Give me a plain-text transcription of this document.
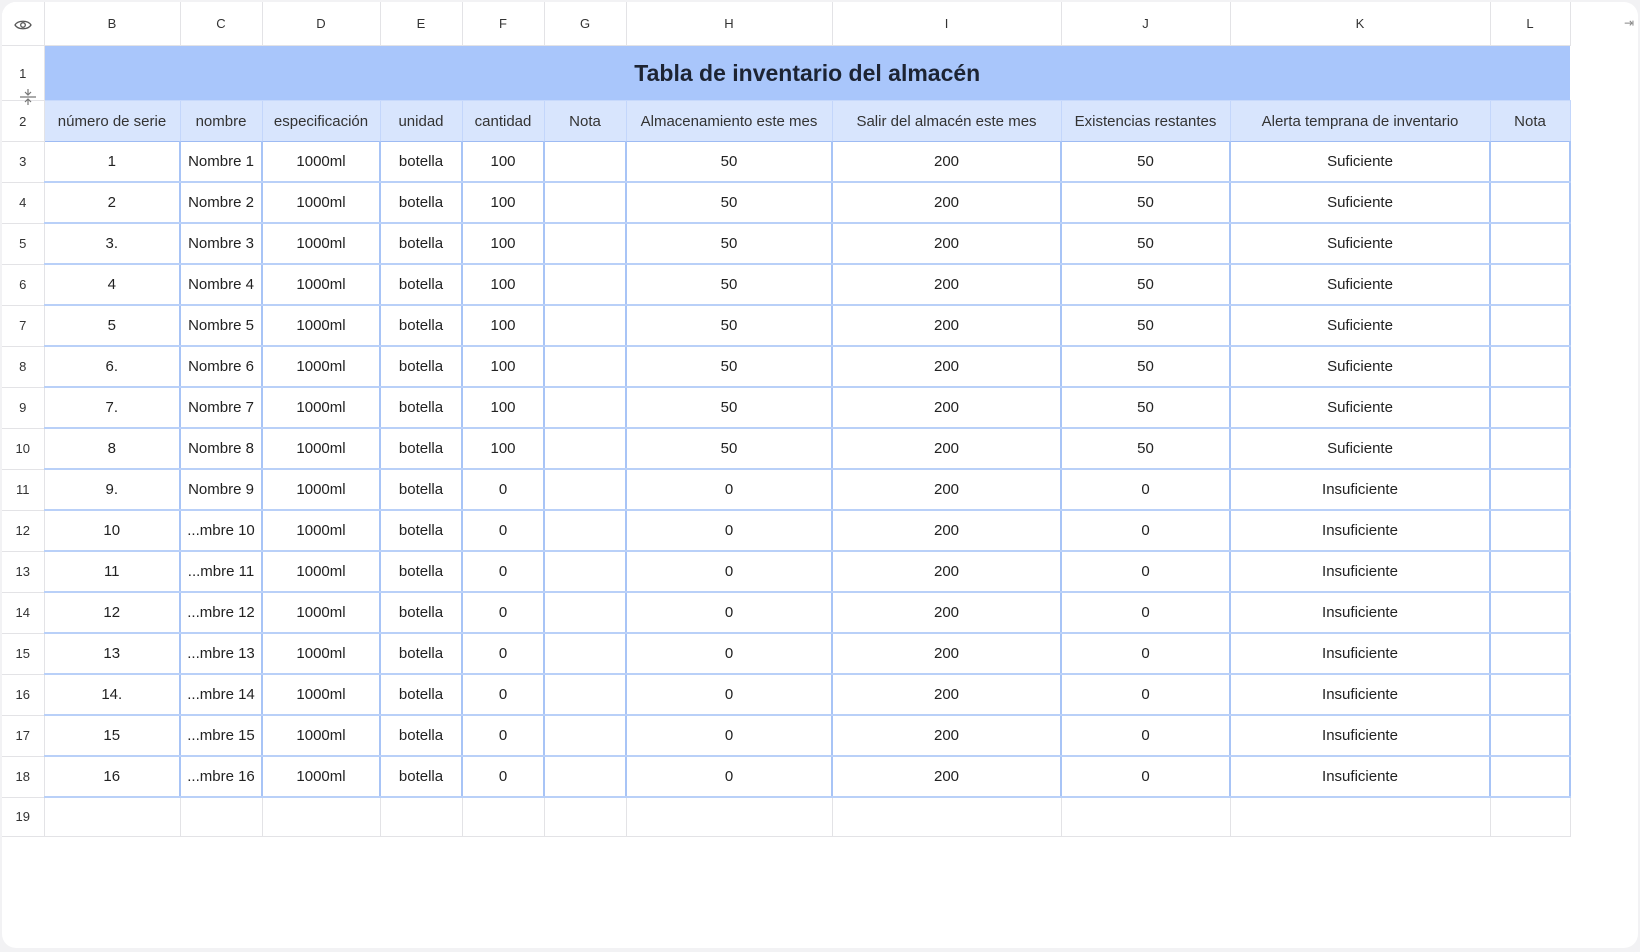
	B	C	D	E	F	G	H	I	J	K	L
1	Tabla de inventario del almacén										
2	número de serie	nombre	especificación	unidad	cantidad	Nota	Almacenamiento este mes	Salir del almacén este mes	Existencias restantes	Alerta temprana de inventario	Nota
3	1	Nombre 1	1000ml	botella	100		50	200	50	Suficiente	
4	2	Nombre 2	1000ml	botella	100		50	200	50	Suficiente	
5	3.	Nombre 3	1000ml	botella	100		50	200	50	Suficiente	
6	4	Nombre 4	1000ml	botella	100		50	200	50	Suficiente	
7	5	Nombre 5	1000ml	botella	100		50	200	50	Suficiente	
8	6.	Nombre 6	1000ml	botella	100		50	200	50	Suficiente	
9	7.	Nombre 7	1000ml	botella	100		50	200	50	Suficiente	
10	8	Nombre 8	1000ml	botella	100		50	200	50	Suficiente	
11	9.	Nombre 9	1000ml	botella	0		0	200	0	Insuficiente	
12	10	...mbre 10	1000ml	botella	0		0	200	0	Insuficiente	
13	11	...mbre 11	1000ml	botella	0		0	200	0	Insuficiente	
14	12	...mbre 12	1000ml	botella	0		0	200	0	Insuficiente	
15	13	...mbre 13	1000ml	botella	0		0	200	0	Insuficiente	
16	14.	...mbre 14	1000ml	botella	0		0	200	0	Insuficiente	
17	15	...mbre 15	1000ml	botella	0		0	200	0	Insuficiente	
18	16	...mbre 16	1000ml	botella	0		0	200	0	Insuficiente	
19											
⇥
